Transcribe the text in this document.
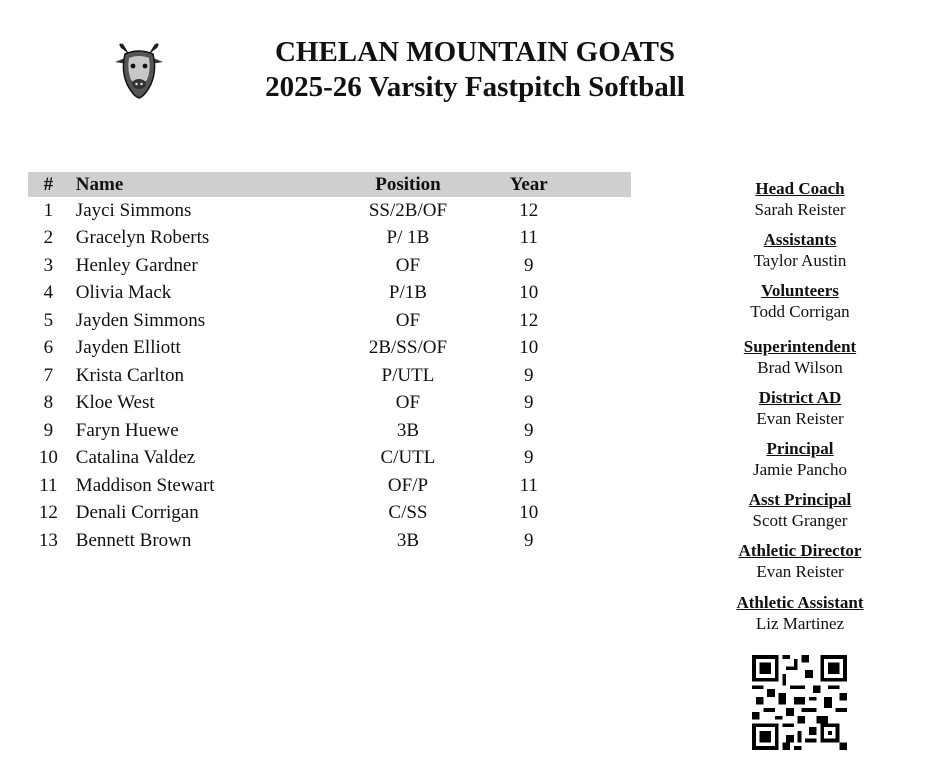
CHELAN MOUNTAIN GOATS
2025-26 Varsity Fastpitch Softball
#	Name	Position	Year
1	Jayci Simmons	SS/2B/OF	12
2	Gracelyn Roberts	P/ 1B	11
3	Henley Gardner	OF	9
4	Olivia Mack	P/1B	10
5	Jayden Simmons	OF	12
6	Jayden Elliott	2B/SS/OF	10
7	Krista Carlton	P/UTL	9
8	Kloe West	OF	9
9	Faryn Huewe	3B	9
10	Catalina Valdez	C/UTL	9
11	Maddison Stewart	OF/P	11
12	Denali Corrigan	C/SS	10
13	Bennett Brown	3B	9
Head Coach
Sarah Reister
Assistants
Taylor Austin
Volunteers
Todd Corrigan
Superintendent
Brad Wilson
District AD
Evan Reister
Principal
Jamie Pancho
Asst Principal
Scott Granger
Athletic Director
Evan Reister
Athletic Assistant
Liz Martinez
